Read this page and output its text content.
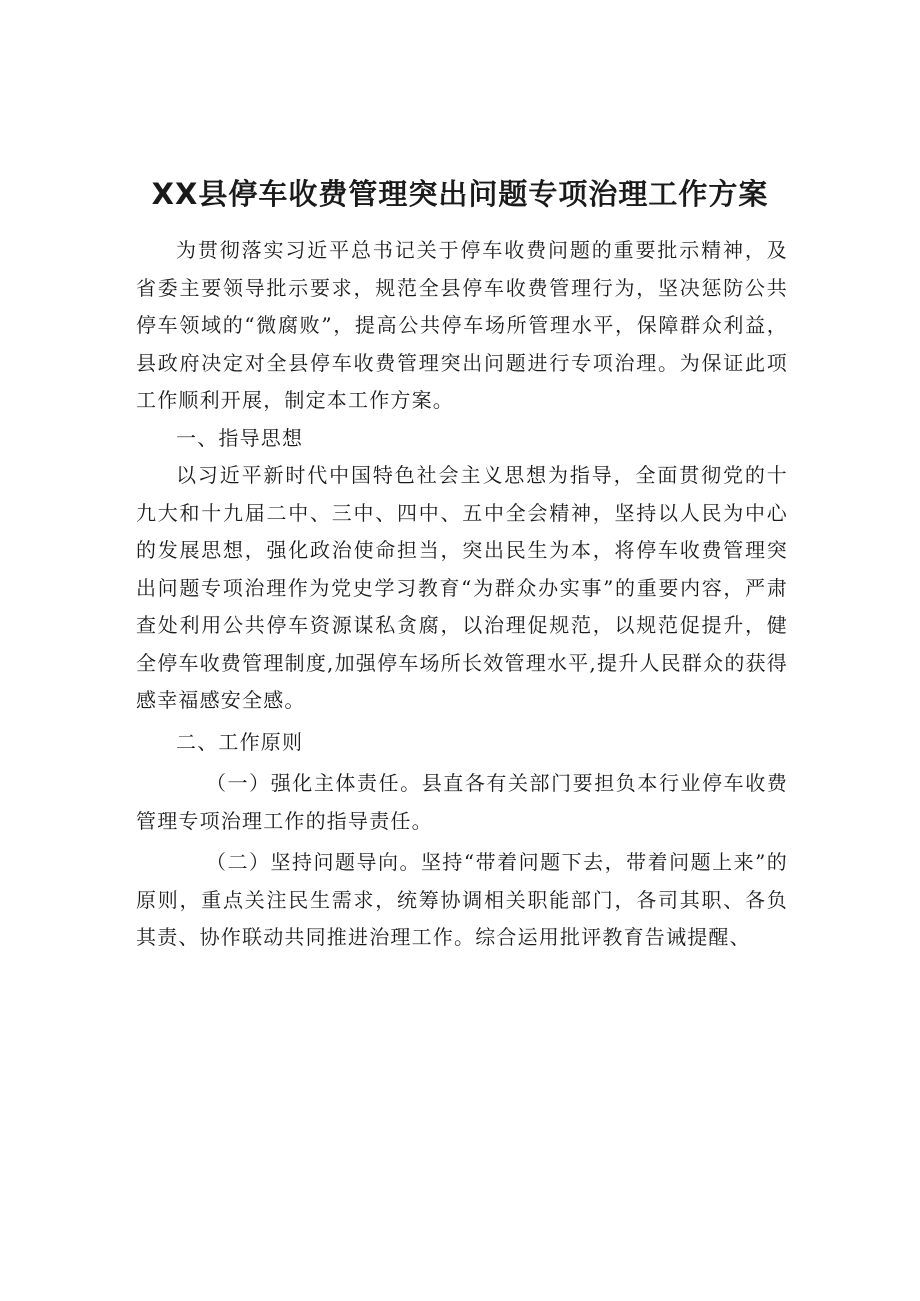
XX县停车收费管理突出问题专项治理工作方案

为贯彻落实习近平总书记关于停车收费问题的重要批示精神，及省委主要领导批示要求，规范全县停车收费管理行为，坚决惩防公共停车领域的“微腐败”，提高公共停车场所管理水平，保障群众利益，县政府决定对全县停车收费管理突出问题进行专项治理。为保证此项工作顺利开展，制定本工作方案。

一、指导思想

以习近平新时代中国特色社会主义思想为指导，全面贯彻党的十九大和十九届二中、三中、四中、五中全会精神，坚持以人民为中心的发展思想，强化政治使命担当，突出民生为本，将停车收费管理突出问题专项治理作为党史学习教育“为群众办实事”的重要内容，严肃查处利用公共停车资源谋私贪腐，以治理促规范，以规范促提升，健全停车收费管理制度,加强停车场所长效管理水平,提升人民群众的获得感幸福感安全感。

二、工作原则

（一）强化主体责任。县直各有关部门要担负本行业停车收费管理专项治理工作的指导责任。

（二）坚持问题导向。坚持“带着问题下去，带着问题上来”的原则，重点关注民生需求，统筹协调相关职能部门，各司其职、各负其责、协作联动共同推进治理工作。综合运用批评教育告诫提醒、
